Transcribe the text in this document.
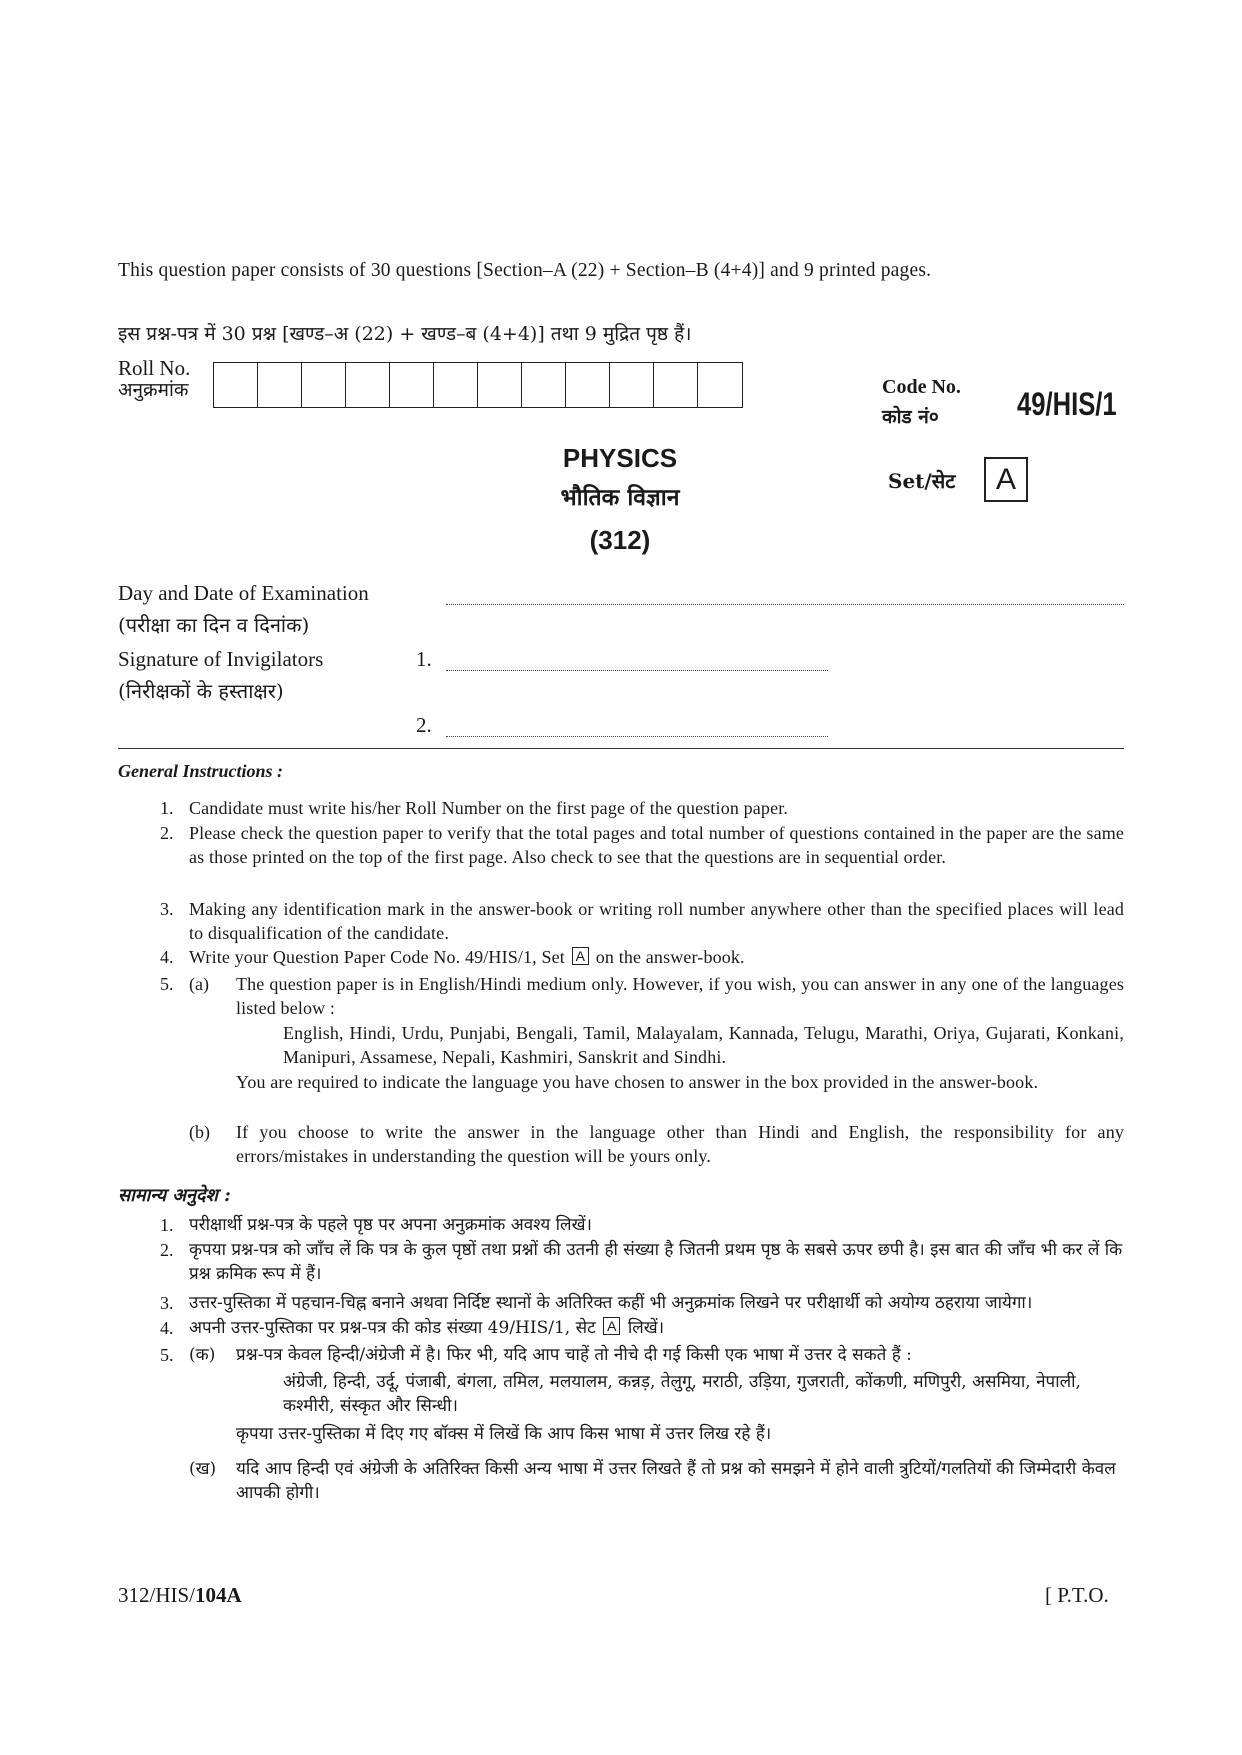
This question paper consists of 30 questions [Section–A (22) + Section–B (4+4)] and 9 printed pages.
इस प्रश्न-पत्र में 30 प्रश्न [खण्ड–अ (22) + खण्ड–ब (4+4)] तथा 9 मुद्रित पृष्ठ हैं।
Roll No.
अनुक्रमांक	Code No.
कोड नं०	49/HIS/1
PHYSICS
भौतिक विज्ञान
(312)
Set/सेट	A
Day and Date of Examination
(परीक्षा का दिन व दिनांक)
Signature of Invigilators	1.
(निरीक्षकों के हस्ताक्षर)
2.
General Instructions :
1. Candidate must write his/her Roll Number on the first page of the question paper.
2. Please check the question paper to verify that the total pages and total number of questions contained in the paper are the same as those printed on the top of the first page. Also check to see that the questions are in sequential order.
3. Making any identification mark in the answer-book or writing roll number anywhere other than the specified places will lead to disqualification of the candidate.
4. Write your Question Paper Code No. 49/HIS/1, Set A on the answer-book.
5. (a) The question paper is in English/Hindi medium only. However, if you wish, you can answer in any one of the languages listed below :
English, Hindi, Urdu, Punjabi, Bengali, Tamil, Malayalam, Kannada, Telugu, Marathi, Oriya, Gujarati, Konkani, Manipuri, Assamese, Nepali, Kashmiri, Sanskrit and Sindhi.
You are required to indicate the language you have chosen to answer in the box provided in the answer-book.
(b) If you choose to write the answer in the language other than Hindi and English, the responsibility for any errors/mistakes in understanding the question will be yours only.
सामान्य अनुदेश :
1. परीक्षार्थी प्रश्न-पत्र के पहले पृष्ठ पर अपना अनुक्रमांक अवश्य लिखें।
2. कृपया प्रश्न-पत्र को जाँच लें कि पत्र के कुल पृष्ठों तथा प्रश्नों की उतनी ही संख्या है जितनी प्रथम पृष्ठ के सबसे ऊपर छपी है। इस बात की जाँच भी कर लें कि प्रश्न क्रमिक रूप में हैं।
3. उत्तर-पुस्तिका में पहचान-चिह्न बनाने अथवा निर्दिष्ट स्थानों के अतिरिक्त कहीं भी अनुक्रमांक लिखने पर परीक्षार्थी को अयोग्य ठहराया जायेगा।
4. अपनी उत्तर-पुस्तिका पर प्रश्न-पत्र की कोड संख्या 49/HIS/1, सेट A लिखें।
5. (क) प्रश्न-पत्र केवल हिन्दी/अंग्रेजी में है। फिर भी, यदि आप चाहें तो नीचे दी गई किसी एक भाषा में उत्तर दे सकते हैं :
अंग्रेजी, हिन्दी, उर्दू, पंजाबी, बंगला, तमिल, मलयालम, कन्नड़, तेलुगू, मराठी, उड़िया, गुजराती, कोंकणी, मणिपुरी, असमिया, नेपाली, कश्मीरी, संस्कृत और सिन्धी।
कृपया उत्तर-पुस्तिका में दिए गए बॉक्स में लिखें कि आप किस भाषा में उत्तर लिख रहे हैं।
(ख) यदि आप हिन्दी एवं अंग्रेजी के अतिरिक्त किसी अन्य भाषा में उत्तर लिखते हैं तो प्रश्न को समझने में होने वाली त्रुटियों/गलतियों की जिम्मेदारी केवल आपकी होगी।
312/HIS/104A	[ P.T.O.
